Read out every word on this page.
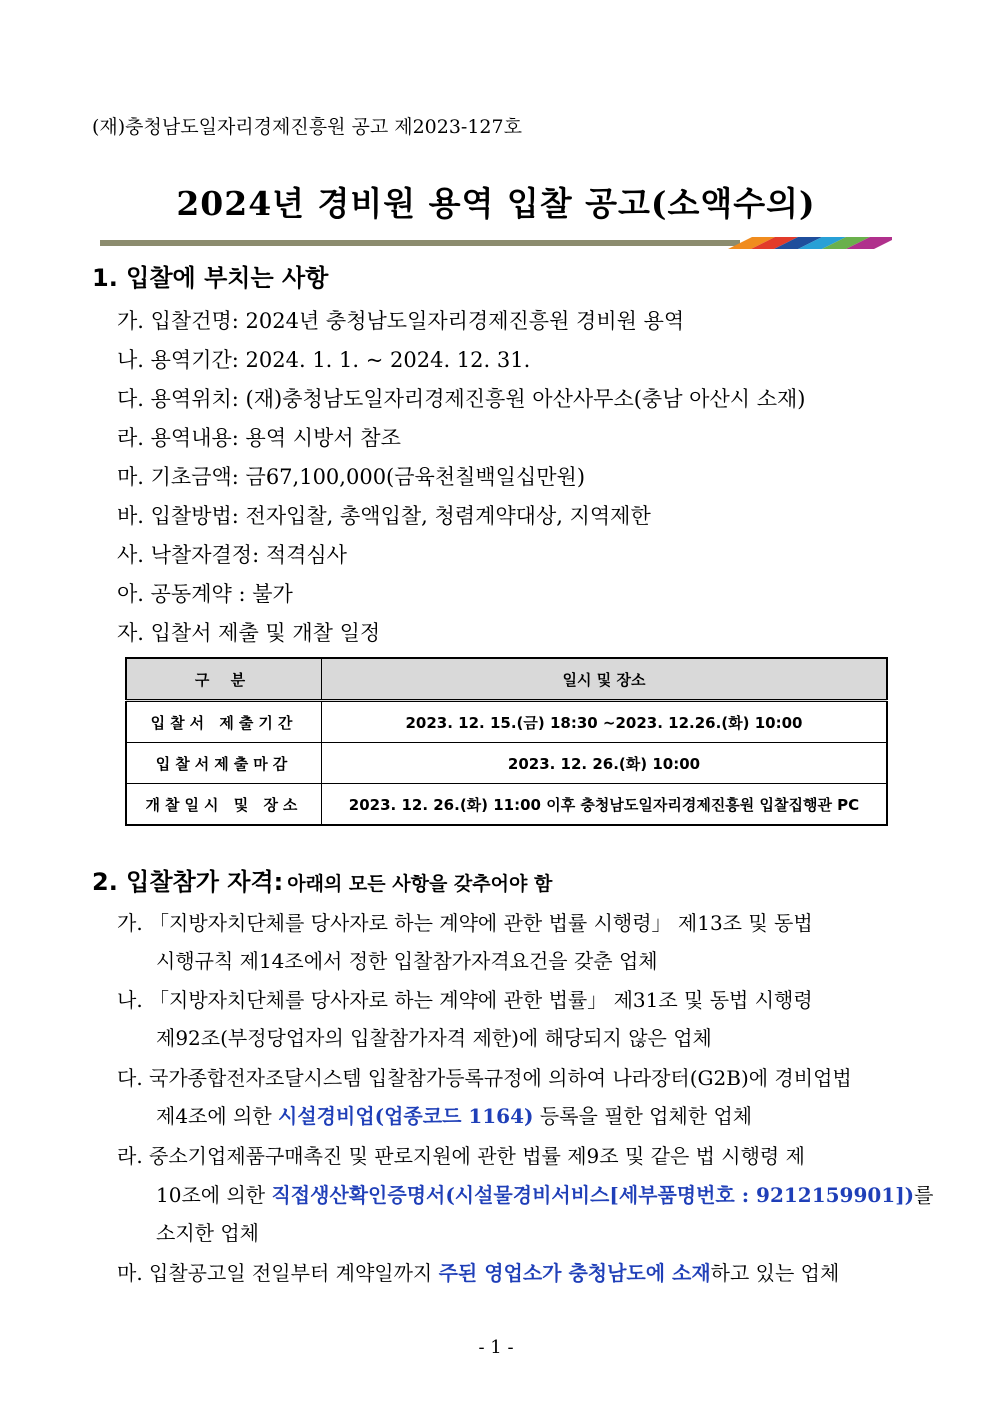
(재)충청남도일자리경제진흥원 공고 제2023-127호
2024년 경비원 용역 입찰 공고(소액수의)
1. 입찰에 부치는 사항
가. 입찰건명: 2024년 충청남도일자리경제진흥원 경비원 용역
나. 용역기간: 2024. 1. 1. ~ 2024. 12. 31.
다. 용역위치: (재)충청남도일자리경제진흥원 아산사무소(충남 아산시 소재)
라. 용역내용: 용역 시방서 참조
마. 기초금액: 금67,100,000(금육천칠백일십만원)
바. 입찰방법: 전자입찰, 총액입찰, 청렴계약대상, 지역제한
사. 낙찰자결정: 적격심사
아. 공동계약 : 불가
자. 입찰서 제출 및 개찰 일정
구 분	일시 및 장소
입찰서 제출기간	2023. 12. 15.(금) 18:30 ~2023. 12.26.(화) 10:00
입찰서제출마감	2023. 12. 26.(화) 10:00
개찰일시 및 장소	2023. 12. 26.(화) 11:00 이후 충청남도일자리경제진흥원 입찰집행관 PC
2. 입찰참가 자격: 아래의 모든 사항을 갖추어야 함
가. 「지방자치단체를 당사자로 하는 계약에 관한 법률 시행령」 제13조 및 동법
시행규칙 제14조에서 정한 입찰참가자격요건을 갖춘 업체
나. 「지방자치단체를 당사자로 하는 계약에 관한 법률」 제31조 및 동법 시행령
제92조(부정당업자의 입찰참가자격 제한)에 해당되지 않은 업체
다. 국가종합전자조달시스템 입찰참가등록규정에 의하여 나라장터(G2B)에 경비업법
제4조에 의한 시설경비업(업종코드 1164) 등록을 필한 업체한 업체
라. 중소기업제품구매촉진 및 판로지원에 관한 법률 제9조 및 같은 법 시행령 제
10조에 의한 직접생산확인증명서(시설물경비서비스[세부품명번호 : 9212159901])를
소지한 업체
마. 입찰공고일 전일부터 계약일까지 주된 영업소가 충청남도에 소재하고 있는 업체
- 1 -
